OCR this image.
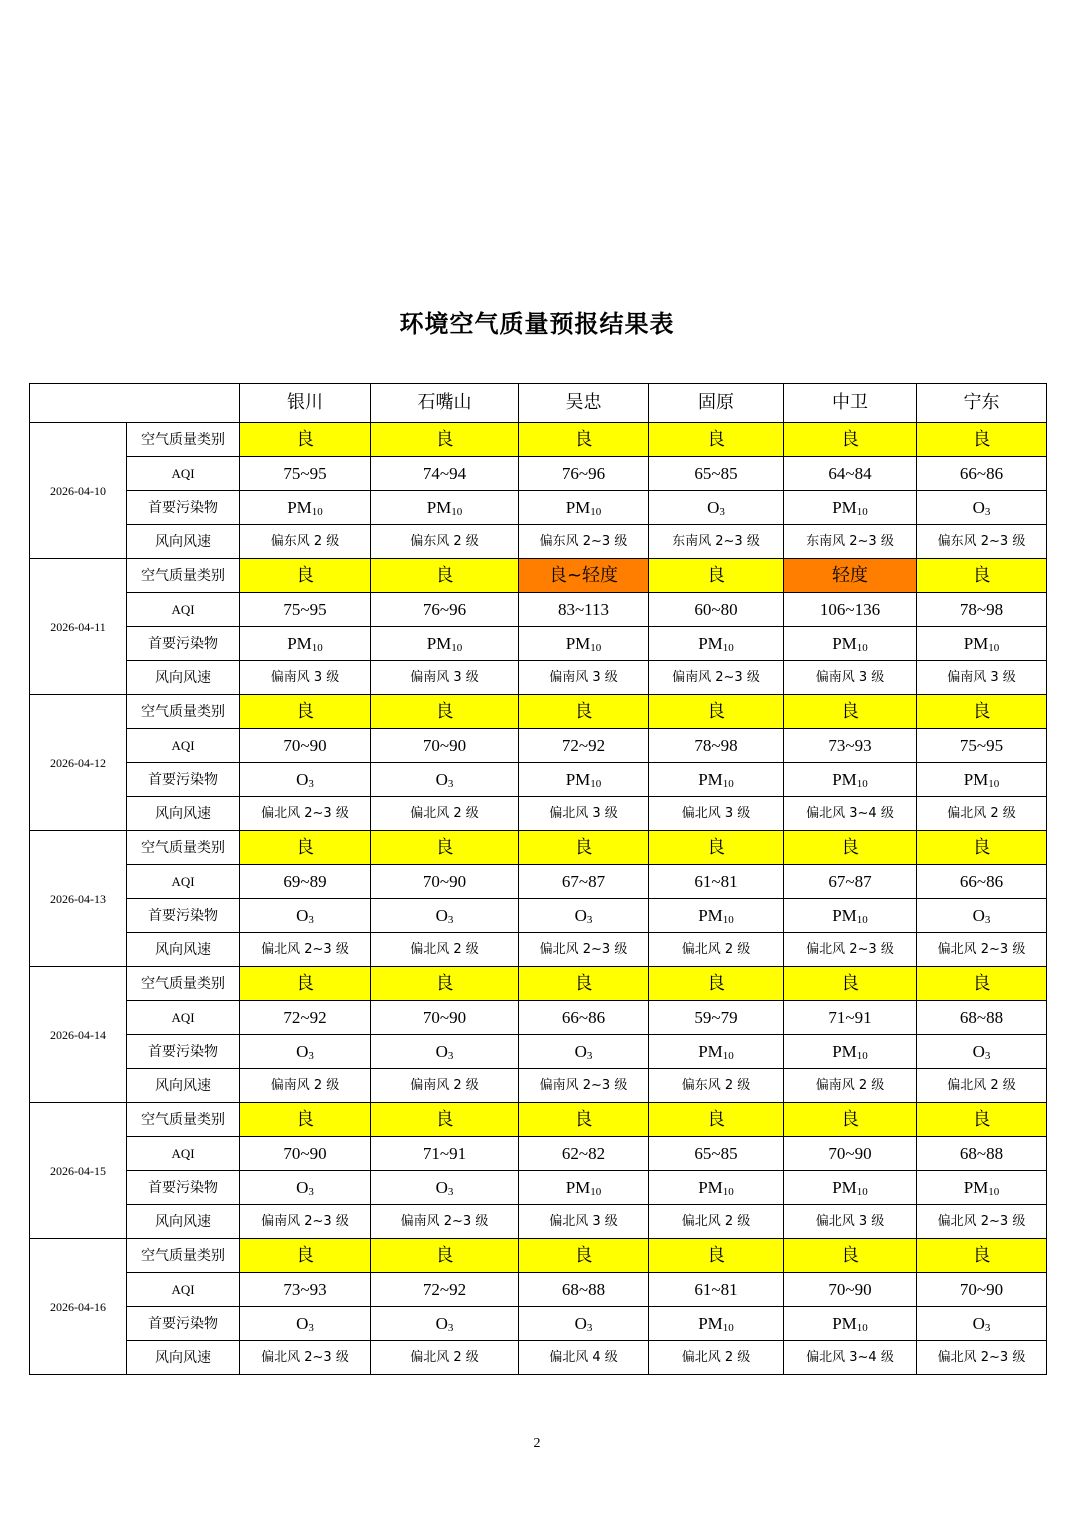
环境空气质量预报结果表
		银川	石嘴山	吴忠	固原	中卫	宁东
2026-04-10	空气质量类别	良	良	良	良	良	良
	AQI	75~95	74~94	76~96	65~85	64~84	66~86
	首要污染物	$PM_{10}$	$PM_{10}$	$PM_{10}$	$O_3$	$PM_{10}$	$O_3$
	风向风速	偏东风 2 级	偏东风 2 级	偏东风 2~3 级	东南风 2~3 级	东南风 2~3 级	偏东风 2~3 级
2026-04-11	空气质量类别	良	良	良~轻度	良	轻度	良
	AQI	75~95	76~96	83~113	60~80	106~136	78~98
	首要污染物	$PM_{10}$	$PM_{10}$	$PM_{10}$	$PM_{10}$	$PM_{10}$	$PM_{10}$
	风向风速	偏南风 3 级	偏南风 3 级	偏南风 3 级	偏南风 2~3 级	偏南风 3 级	偏南风 3 级
2026-04-12	空气质量类别	良	良	良	良	良	良
	AQI	70~90	70~90	72~92	78~98	73~93	75~95
	首要污染物	$O_3$	$O_3$	$PM_{10}$	$PM_{10}$	$PM_{10}$	$PM_{10}$
	风向风速	偏北风 2~3 级	偏北风 2 级	偏北风 3 级	偏北风 3 级	偏北风 3~4 级	偏北风 2 级
2026-04-13	空气质量类别	良	良	良	良	良	良
	AQI	69~89	70~90	67~87	61~81	67~87	66~86
	首要污染物	$O_3$	$O_3$	$O_3$	$PM_{10}$	$PM_{10}$	$O_3$
	风向风速	偏北风 2~3 级	偏北风 2 级	偏北风 2~3 级	偏北风 2 级	偏北风 2~3 级	偏北风 2~3 级
2026-04-14	空气质量类别	良	良	良	良	良	良
	AQI	72~92	70~90	66~86	59~79	71~91	68~88
	首要污染物	$O_3$	$O_3$	$O_3$	$PM_{10}$	$PM_{10}$	$O_3$
	风向风速	偏南风 2 级	偏南风 2 级	偏南风 2~3 级	偏东风 2 级	偏南风 2 级	偏北风 2 级
2026-04-15	空气质量类别	良	良	良	良	良	良
	AQI	70~90	71~91	62~82	65~85	70~90	68~88
	首要污染物	$O_3$	$O_3$	$PM_{10}$	$PM_{10}$	$PM_{10}$	$PM_{10}$
	风向风速	偏南风 2~3 级	偏南风 2~3 级	偏北风 3 级	偏北风 2 级	偏北风 3 级	偏北风 2~3 级
2026-04-16	空气质量类别	良	良	良	良	良	良
	AQI	73~93	72~92	68~88	61~81	70~90	70~90
	首要污染物	$O_3$	$O_3$	$O_3$	$PM_{10}$	$PM_{10}$	$O_3$
	风向风速	偏北风 2~3 级	偏北风 2 级	偏北风 4 级	偏北风 2 级	偏北风 3~4 级	偏北风 2~3 级
2
